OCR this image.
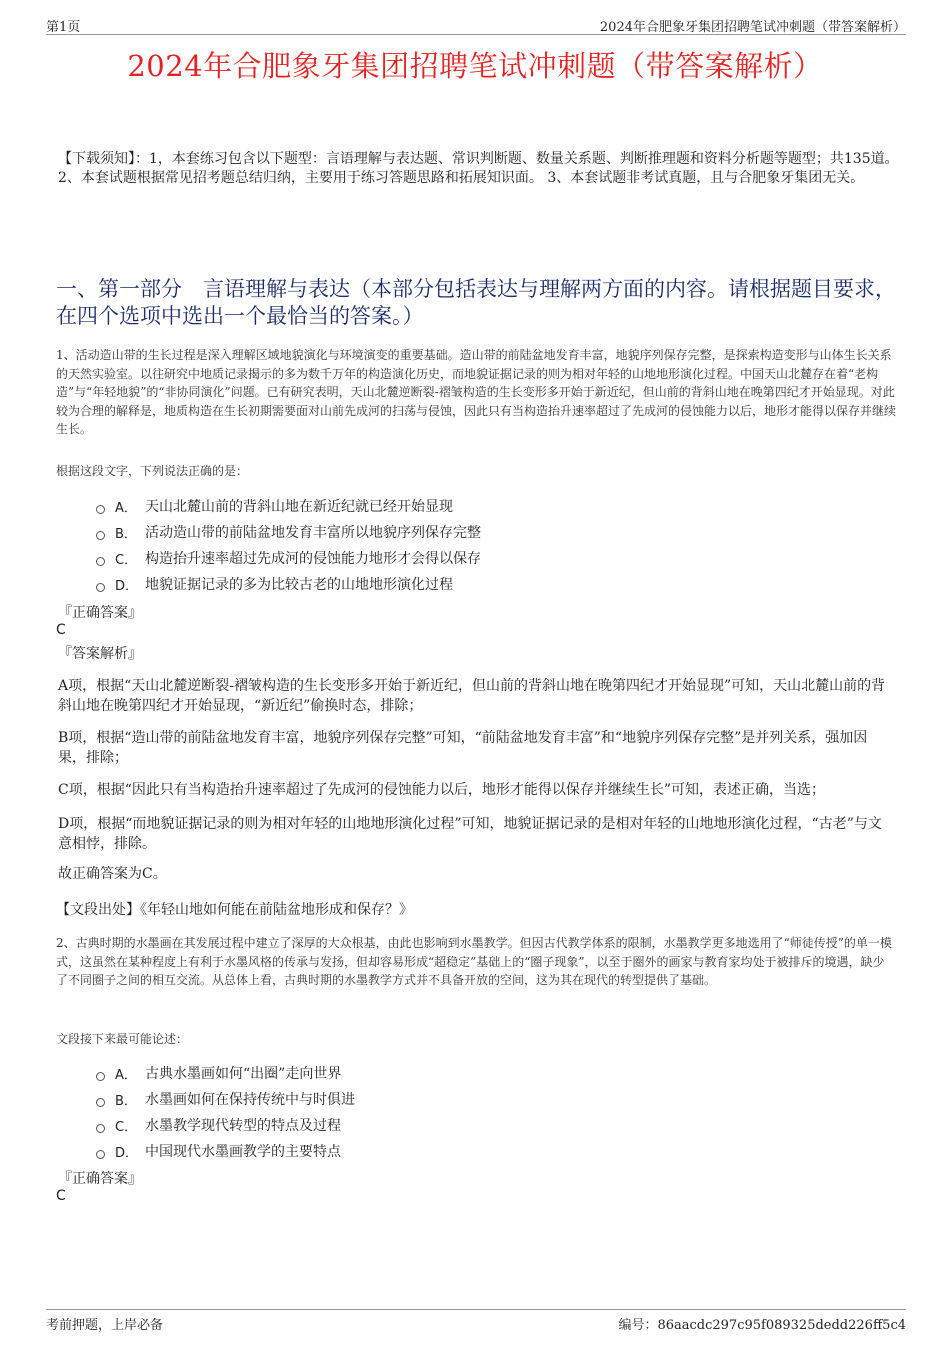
第1页	2024年合肥象牙集团招聘笔试冲刺题（带答案解析）
2024年合肥象牙集团招聘笔试冲刺题（带答案解析）
【下载须知】：1，本套练习包含以下题型：言语理解与表达题、常识判断题、数量关系题、判断推理题和资料分析题等题型；共135道。 2、本套试题根据常见招考题总结归纳，主要用于练习答题思路和拓展知识面。 3、本套试题非考试真题，且与合肥象牙集团无关。
一、第一部分　言语理解与表达（本部分包括表达与理解两方面的内容。请根据题目要求，在四个选项中选出一个最恰当的答案。）
1、活动造山带的生长过程是深入理解区域地貌演化与环境演变的重要基础。造山带的前陆盆地发育丰富，地貌序列保存完整，是探索构造变形与山体生长关系的天然实验室。以往研究中地质记录揭示的多为数千万年的构造演化历史，而地貌证据记录的则为相对年轻的山地地形演化过程。中国天山北麓存在着“老构造”与“年轻地貌”的“非协同演化”问题。已有研究表明，天山北麓逆断裂-褶皱构造的生长变形多开始于新近纪，但山前的背斜山地在晚第四纪才开始显现。对此较为合理的解释是，地质构造在生长初期需要面对山前先成河的扫荡与侵蚀，因此只有当构造抬升速率超过了先成河的侵蚀能力以后，地形才能得以保存并继续生长。
根据这段文字，下列说法正确的是：
A． 天山北麓山前的背斜山地在新近纪就已经开始显现
B． 活动造山带的前陆盆地发育丰富所以地貌序列保存完整
C． 构造抬升速率超过先成河的侵蚀能力地形才会得以保存
D． 地貌证据记录的多为比较古老的山地地形演化过程
『正确答案』
C
『答案解析』
A项，根据“天山北麓逆断裂-褶皱构造的生长变形多开始于新近纪，但山前的背斜山地在晚第四纪才开始显现”可知，天山北麓山前的背斜山地在晚第四纪才开始显现，“新近纪”偷换时态，排除；
B项，根据“造山带的前陆盆地发育丰富，地貌序列保存完整”可知，“前陆盆地发育丰富”和“地貌序列保存完整”是并列关系，强加因果，排除；
C项，根据“因此只有当构造抬升速率超过了先成河的侵蚀能力以后，地形才能得以保存并继续生长”可知，表述正确，当选；
D项，根据“而地貌证据记录的则为相对年轻的山地地形演化过程”可知，地貌证据记录的是相对年轻的山地地形演化过程，“古老”与文意相悖，排除。
故正确答案为C。
【文段出处】《年轻山地如何能在前陆盆地形成和保存？》
2、古典时期的水墨画在其发展过程中建立了深厚的大众根基，由此也影响到水墨教学。但因古代教学体系的限制，水墨教学更多地选用了“师徒传授”的单一模式，这虽然在某种程度上有利于水墨风格的传承与发扬，但却容易形成“超稳定”基础上的“圈子现象”，以至于圈外的画家与教育家均处于被排斥的境遇，缺少了不同圈子之间的相互交流。从总体上看，古典时期的水墨教学方式并不具备开放的空间，这为其在现代的转型提供了基础。
文段接下来最可能论述：
A． 古典水墨画如何“出圈”走向世界
B． 水墨画如何在保持传统中与时俱进
C． 水墨教学现代转型的特点及过程
D． 中国现代水墨画教学的主要特点
『正确答案』
C
考前押题，上岸必备	编号：86aacdc297c95f089325dedd226ff5c4
